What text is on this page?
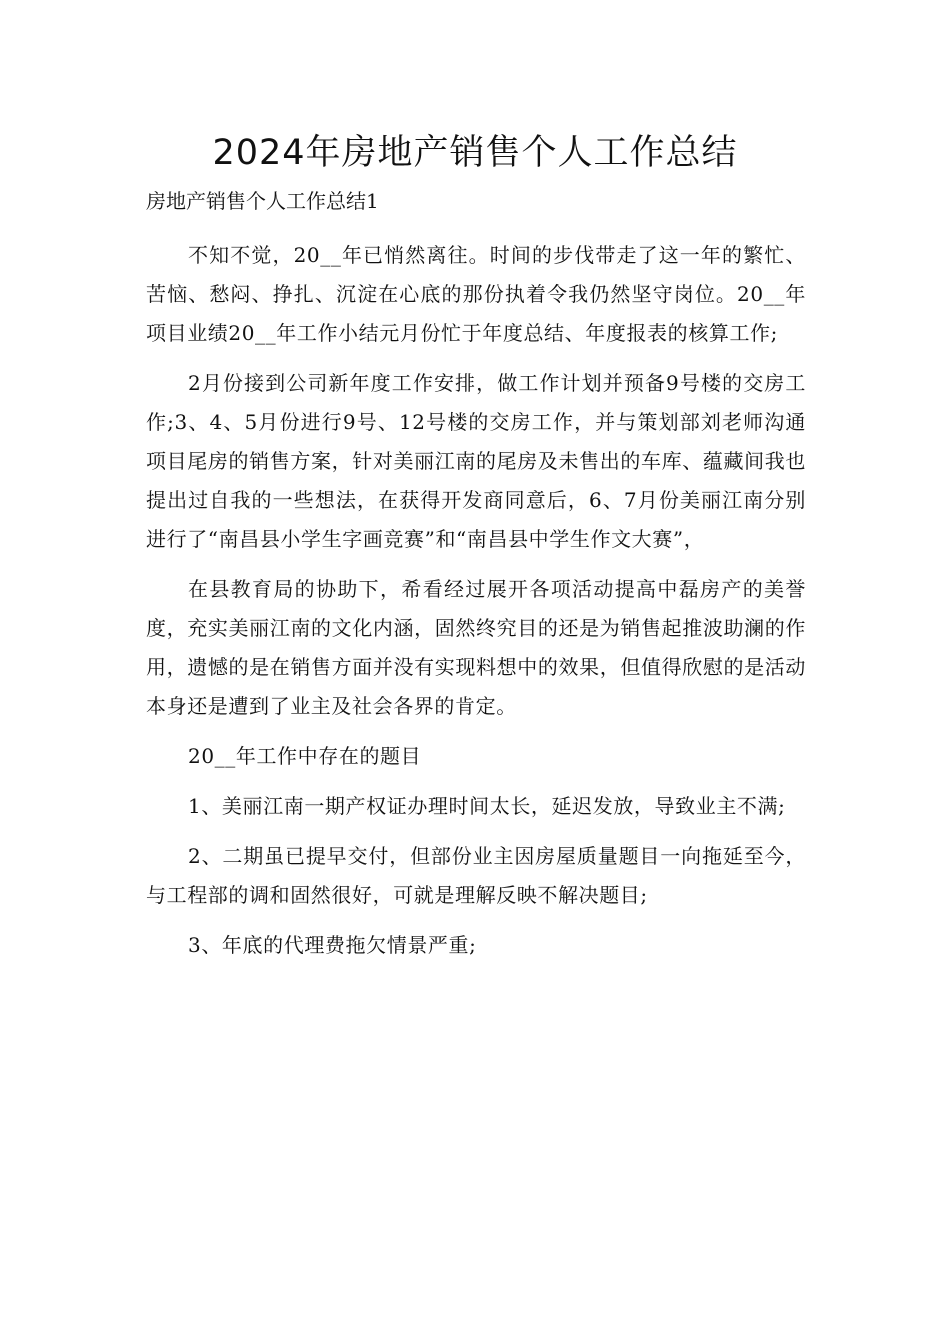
2024年房地产销售个人工作总结
房地产销售个人工作总结1

不知不觉，20__年已悄然离往。时间的步伐带走了这一年的繁忙、苦恼、愁闷、挣扎、沉淀在心底的那份执着令我仍然坚守岗位。20__年项目业绩20__年工作小结元月份忙于年度总结、年度报表的核算工作;

2月份接到公司新年度工作安排，做工作计划并预备9号楼的交房工作;3、4、5月份进行9号、12号楼的交房工作，并与策划部刘老师沟通项目尾房的销售方案，针对美丽江南的尾房及未售出的车库、蕴藏间我也提出过自我的一些想法，在获得开发商同意后，6、7月份美丽江南分别进行了“南昌县小学生字画竞赛”和“南昌县中学生作文大赛”，

在县教育局的协助下，希看经过展开各项活动提高中磊房产的美誉度，充实美丽江南的文化内涵，固然终究目的还是为销售起推波助澜的作用，遗憾的是在销售方面并没有实现料想中的效果，但值得欣慰的是活动本身还是遭到了业主及社会各界的肯定。

20__年工作中存在的题目

1、美丽江南一期产权证办理时间太长，延迟发放，导致业主不满;

2、二期虽已提早交付，但部份业主因房屋质量题目一向拖延至今，与工程部的调和固然很好，可就是理解反映不解决题目;

3、年底的代理费拖欠情景严重;
